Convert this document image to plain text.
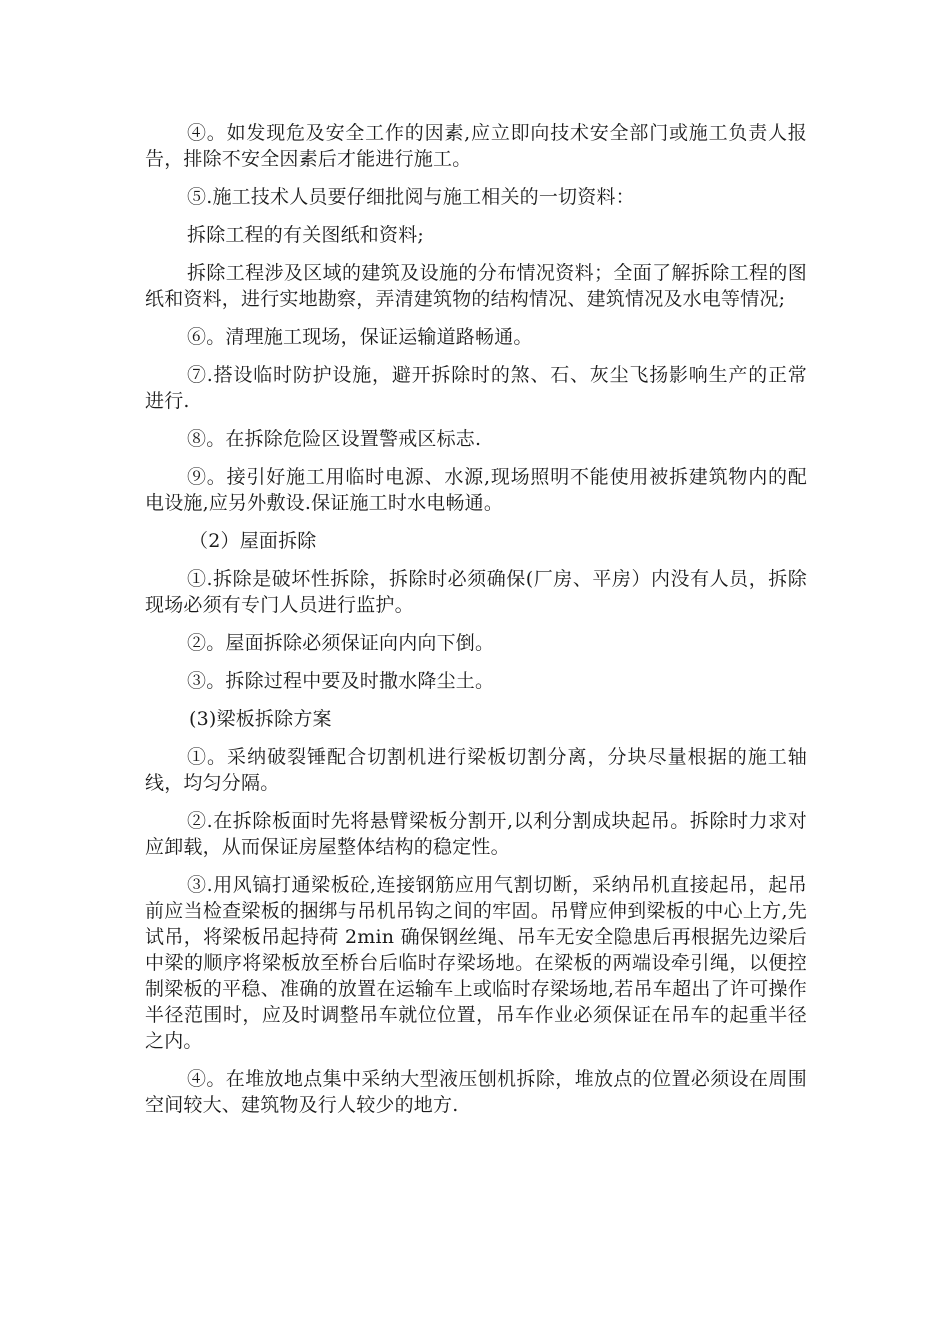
④。如发现危及安全工作的因素,应立即向技术安全部门或施工负责人报告，排除不安全因素后才能进行施工。

⑤.施工技术人员要仔细批阅与施工相关的一切资料：

拆除工程的有关图纸和资料;

拆除工程涉及区域的建筑及设施的分布情况资料；全面了解拆除工程的图纸和资料，进行实地勘察，弄清建筑物的结构情况、建筑情况及水电等情况;

⑥。清理施工现场，保证运输道路畅通。

⑦.搭设临时防护设施，避开拆除时的煞、石、灰尘飞扬影响生产的正常进行.

⑧。在拆除危险区设置警戒区标志.

⑨。接引好施工用临时电源、水源,现场照明不能使用被拆建筑物内的配电设施,应另外敷设.保证施工时水电畅通。

（2）屋面拆除

①.拆除是破坏性拆除，拆除时必须确保(厂房、平房）内没有人员，拆除现场必须有专门人员进行监护。

②。屋面拆除必须保证向内向下倒。

③。拆除过程中要及时撒水降尘土。

(3)梁板拆除方案

①。采纳破裂锤配合切割机进行梁板切割分离，分块尽量根据的施工轴线，均匀分隔。

②.在拆除板面时先将悬臂梁板分割开,以利分割成块起吊。拆除时力求对应卸载，从而保证房屋整体结构的稳定性。

③.用风镐打通梁板砼,连接钢筋应用气割切断，采纳吊机直接起吊，起吊前应当检查梁板的捆绑与吊机吊钩之间的牢固。吊臂应伸到梁板的中心上方,先试吊，将梁板吊起持荷 2min 确保钢丝绳、吊车无安全隐患后再根据先边梁后中梁的顺序将梁板放至桥台后临时存梁场地。在梁板的两端设牵引绳，以便控制梁板的平稳、准确的放置在运输车上或临时存梁场地,若吊车超出了许可操作半径范围时，应及时调整吊车就位位置，吊车作业必须保证在吊车的起重半径之内。

④。在堆放地点集中采纳大型液压刨机拆除，堆放点的位置必须设在周围空间较大、建筑物及行人较少的地方.
